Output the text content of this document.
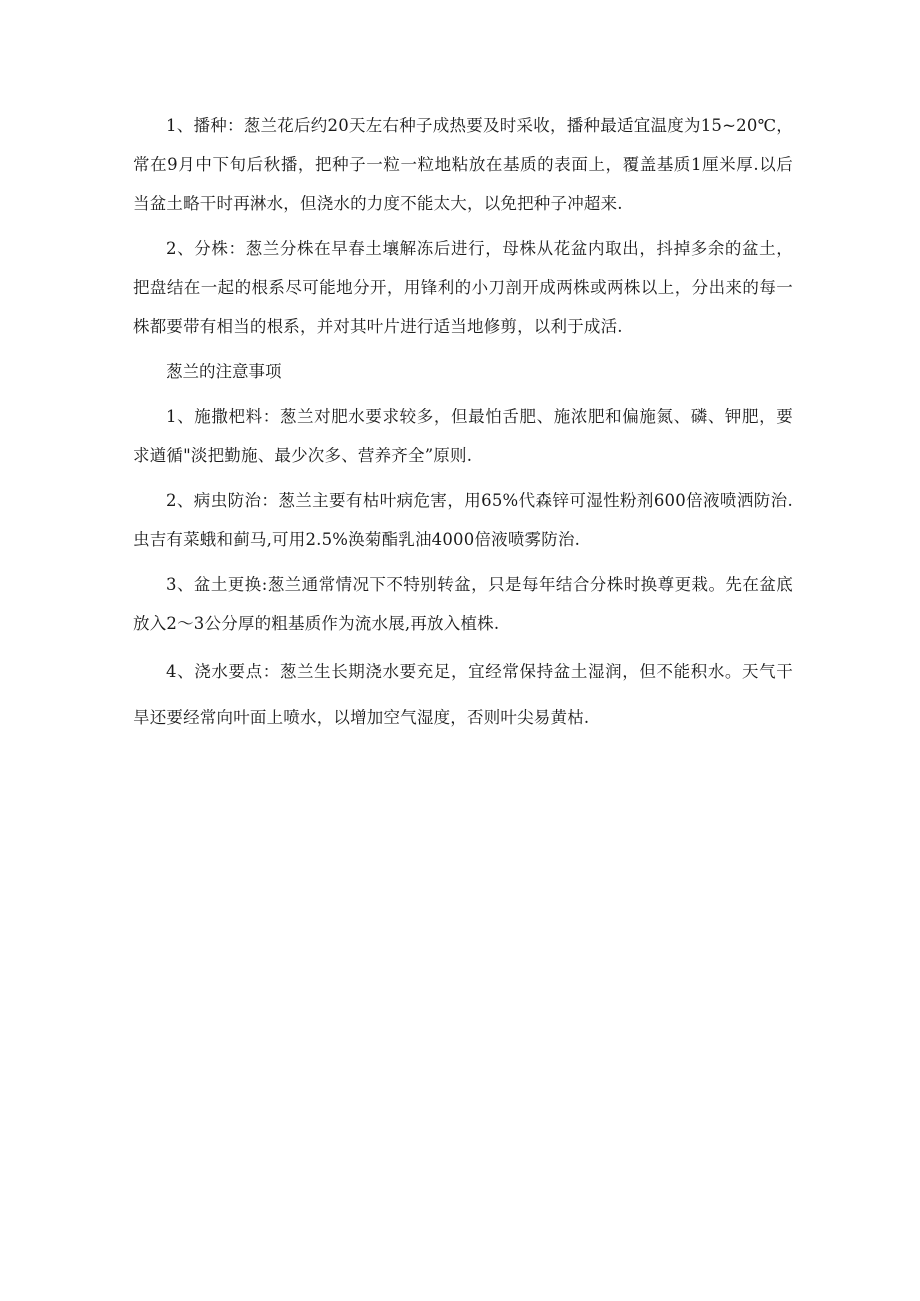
1、播种：葱兰花后约20天左右种子成热要及时采收，播种最适宜温度为15~20℃，常在9月中下旬后秋播，把种子一粒一粒地粘放在基质的表面上，覆盖基质1厘米厚.以后当盆土略干时再淋水，但浇水的力度不能太大，以免把种子冲超来.

2、分株：葱兰分株在早春土壤解冻后进行，母株从花盆内取出，抖掉多余的盆土，把盘结在一起的根系尽可能地分开，用锋利的小刀剖开成两株或两株以上，分出来的每一株都要带有相当的根系，并对其叶片进行适当地修剪，以利于成活.

葱兰的注意事项

1、施撒杷料：葱兰对肥水要求较多，但最怕舌肥、施浓肥和偏施氮、磷、钾肥，要求遒循"淡把勤施、最少次多、营养齐全”原则.

2、病虫防治：葱兰主要有枯叶病危害，用65%代森锌可湿性粉剂600倍液喷洒防治.虫吉有菜蛾和蓟马,可用2.5%涣菊酯乳油4000倍液喷雾防治.

3、盆土更换:葱兰通常情况下不特别转盆，只是每年结合分株时换尊更栽。先在盆底放入2～3公分厚的粗基质作为流水展,再放入植株.

4、浇水要点：葱兰生长期浇水要充足，宜经常保持盆土湿润，但不能积水。天气干旱还要经常向叶面上喷水，以增加空气湿度，否则叶尖易黄枯.
